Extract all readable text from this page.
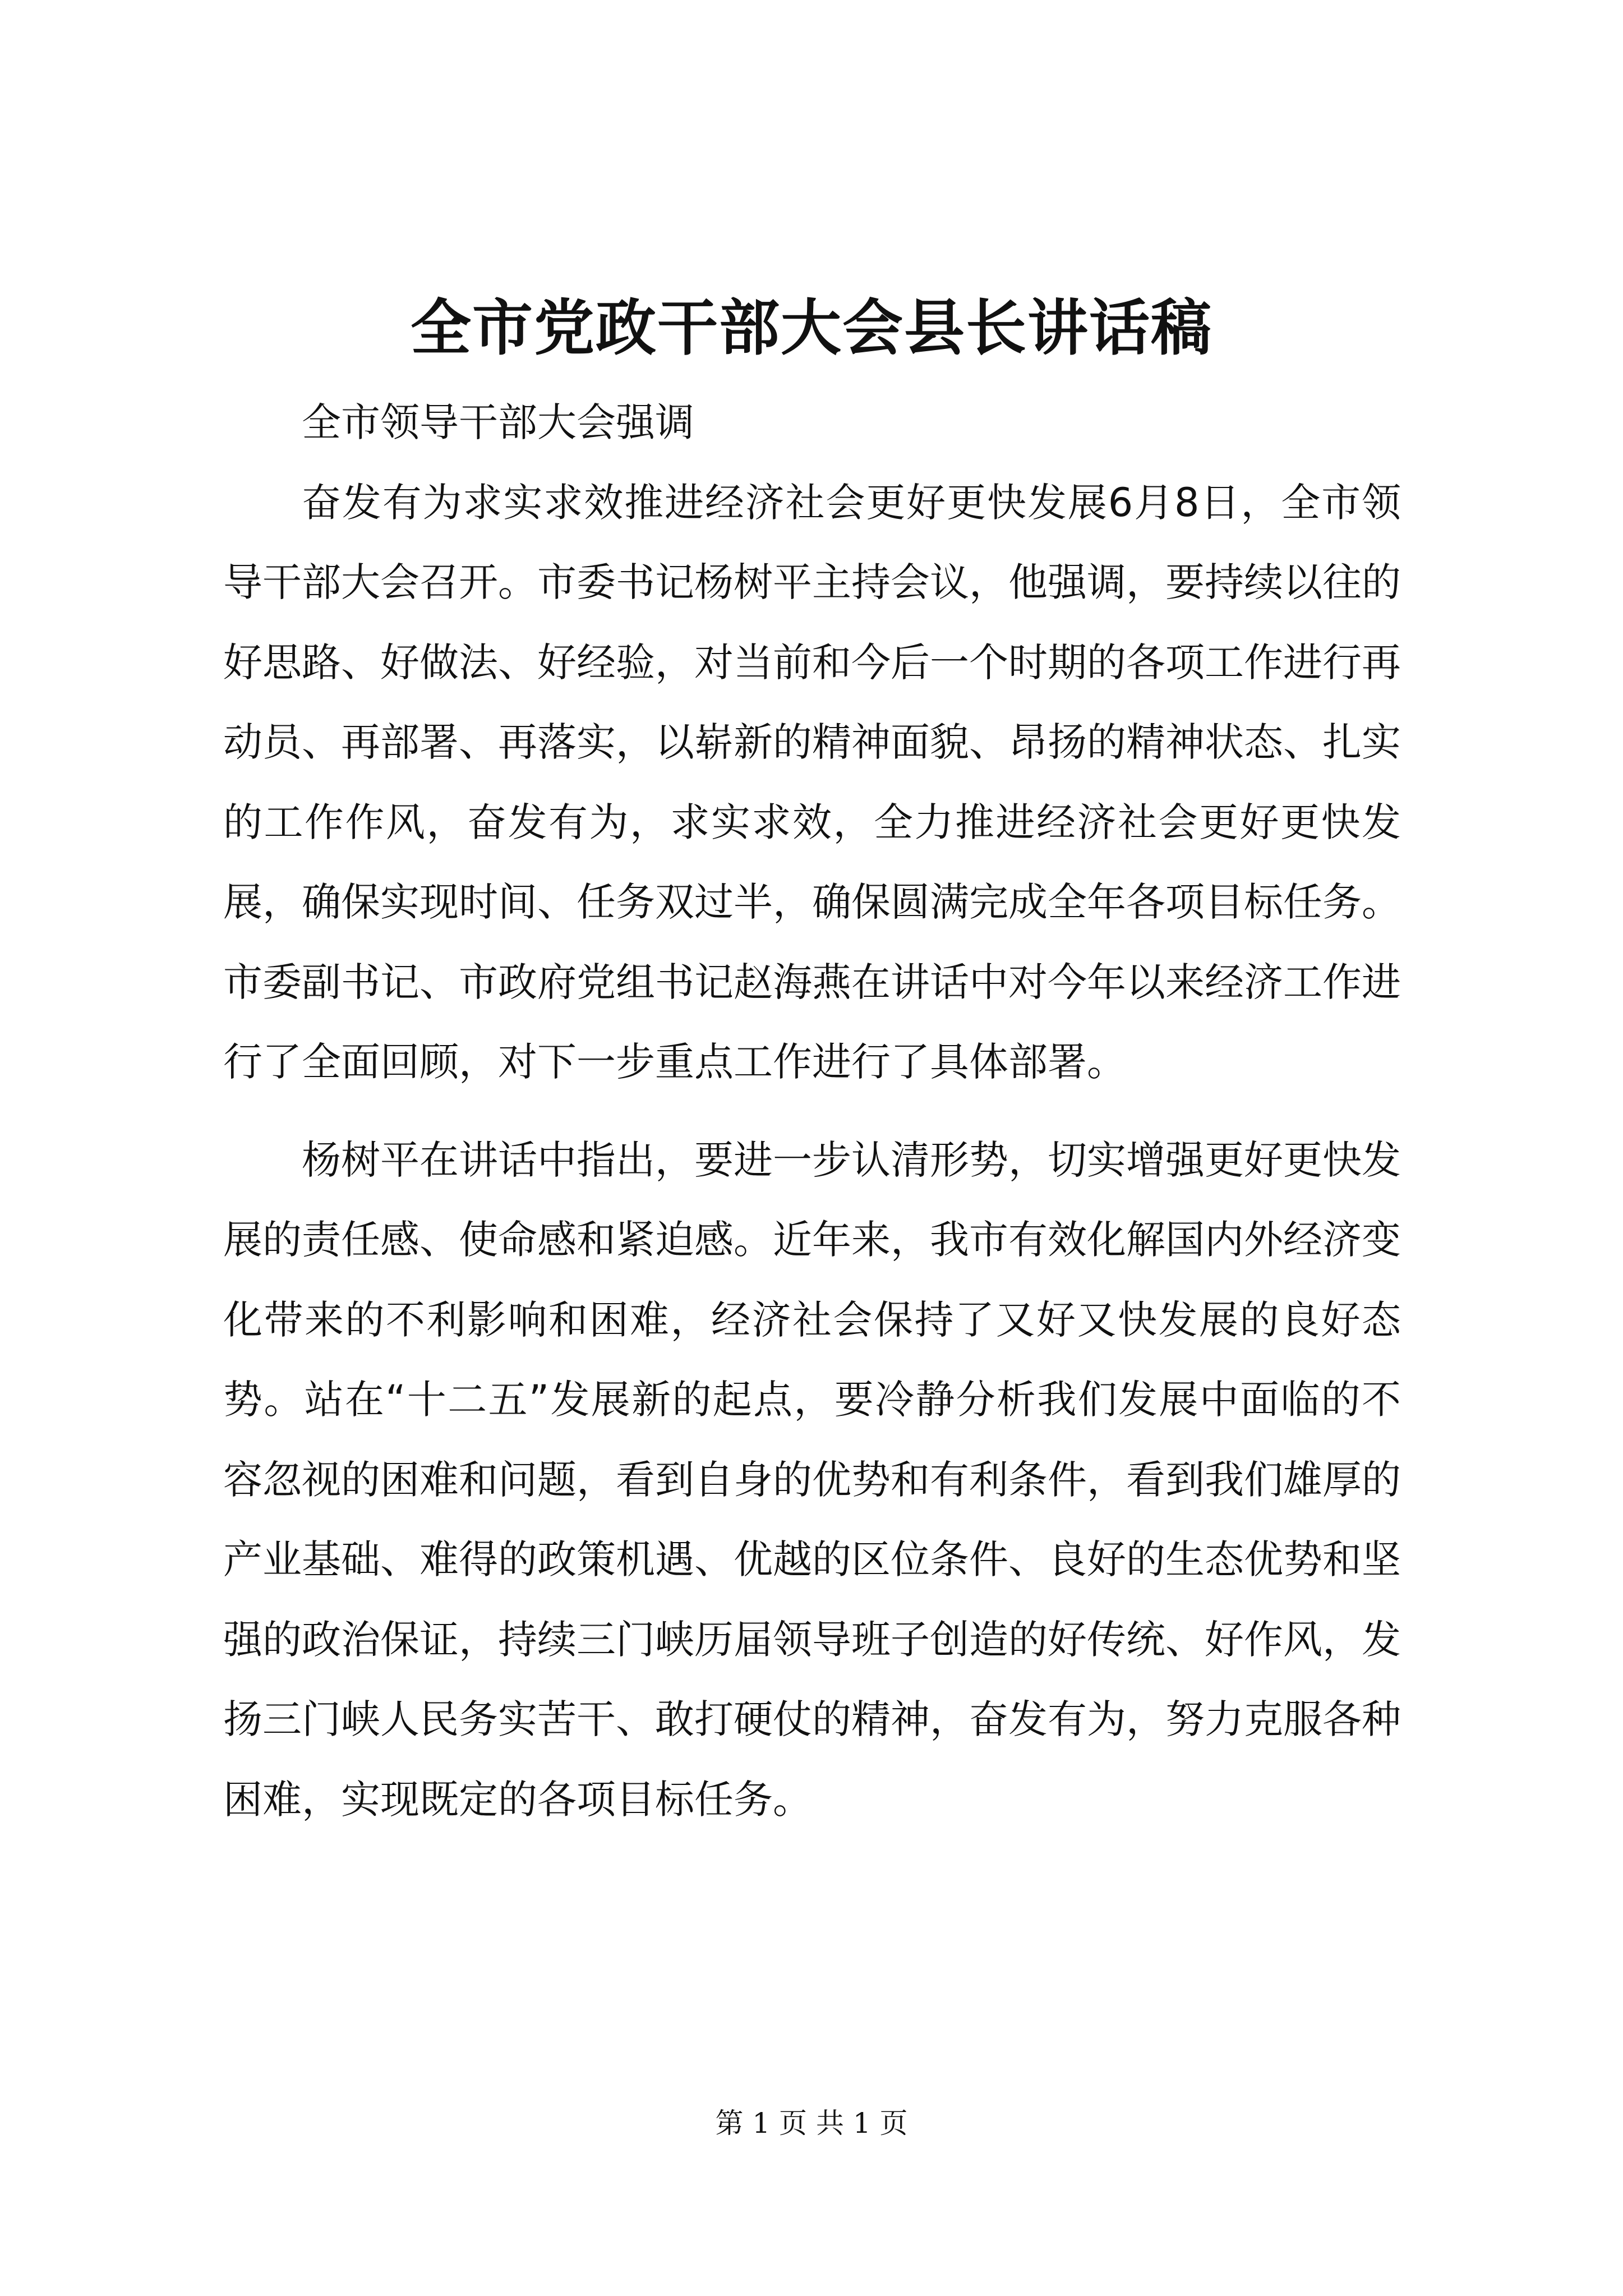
全市党政干部大会县长讲话稿

全市领导干部大会强调

奋发有为求实求效推进经济社会更好更快发展6月8日，全市领导干部大会召开。市委书记杨树平主持会议，他强调，要持续以往的好思路、好做法、好经验，对当前和今后一个时期的各项工作进行再动员、再部署、再落实，以崭新的精神面貌、昂扬的精神状态、扎实的工作作风，奋发有为，求实求效，全力推进经济社会更好更快发展，确保实现时间、任务双过半，确保圆满完成全年各项目标任务。市委副书记、市政府党组书记赵海燕在讲话中对今年以来经济工作进行了全面回顾，对下一步重点工作进行了具体部署。

杨树平在讲话中指出，要进一步认清形势，切实增强更好更快发展的责任感、使命感和紧迫感。近年来，我市有效化解国内外经济变化带来的不利影响和困难，经济社会保持了又好又快发展的良好态势。站在“十二五”发展新的起点，要冷静分析我们发展中面临的不容忽视的困难和问题，看到自身的优势和有利条件，看到我们雄厚的产业基础、难得的政策机遇、优越的区位条件、良好的生态优势和坚强的政治保证，持续三门峡历届领导班子创造的好传统、好作风，发扬三门峡人民务实苦干、敢打硬仗的精神，奋发有为，努力克服各种困难，实现既定的各项目标任务。

第 1 页 共 1 页
